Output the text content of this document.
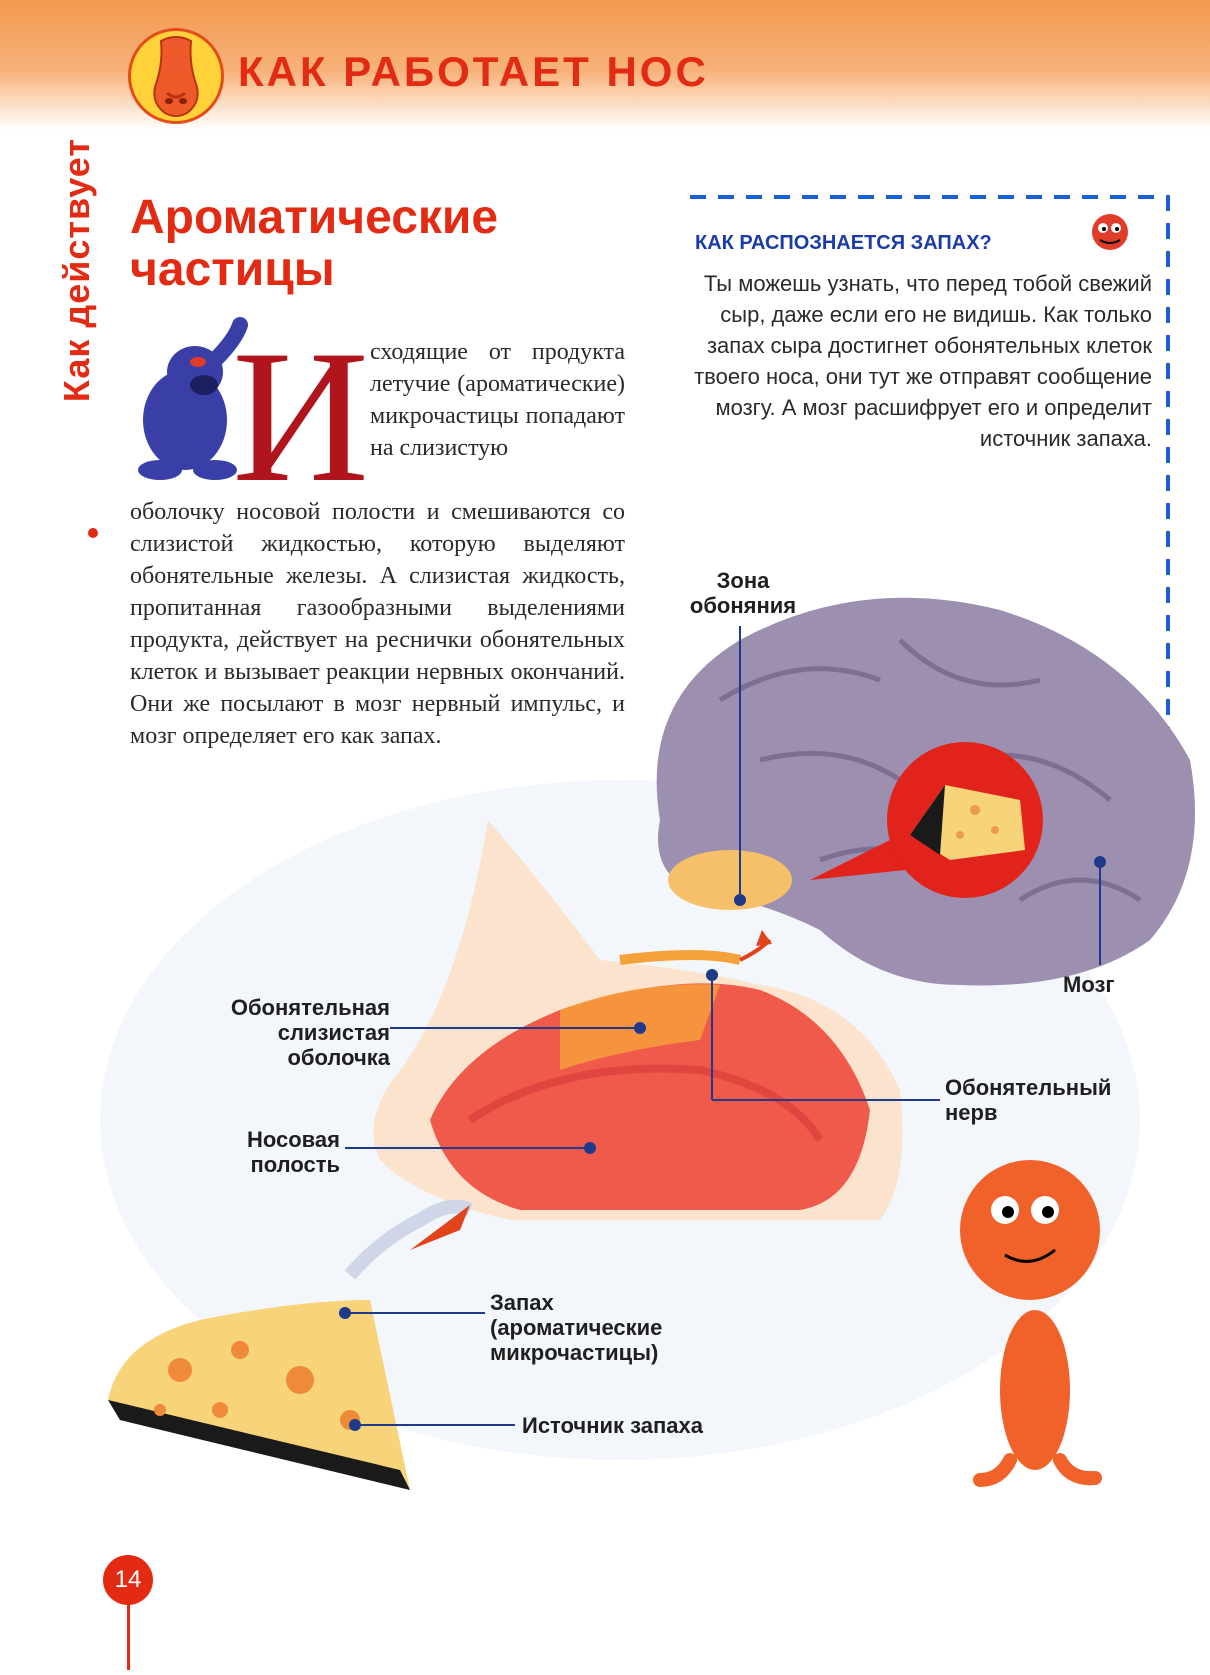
КАК РАБОТАЕТ НОС
Как действует Ароматические частицы
И сходящие от продукта летучие (ароматические) микрочастицы попадают на слизистую
оболочку носовой полости и смешиваются со слизистой жидкостью, которую выделяют обонятельные железы. А слизистая жидкость, пропитанная газообразными выделениями продукта, действует на реснички обонятельных клеток и вызывает реакции нервных окончаний. Они же посылают в мозг нервный импульс, и мозг определяет его как запах.
КАК РАСПОЗНАЕТСЯ ЗАПАХ?
Ты можешь узнать, что перед тобой свежий сыр, даже если его не видишь. Как только запах сыра достигнет обонятельных клеток твоего носа, они тут же отправят сообщение мозгу. А мозг расшифрует его и определит источник запаха.
Зона обоняния
Мозг
Обонятельная слизистая оболочка
Обонятельный нерв
Носовая полость
Запах (ароматические микрочастицы)
Источник запаха
14
